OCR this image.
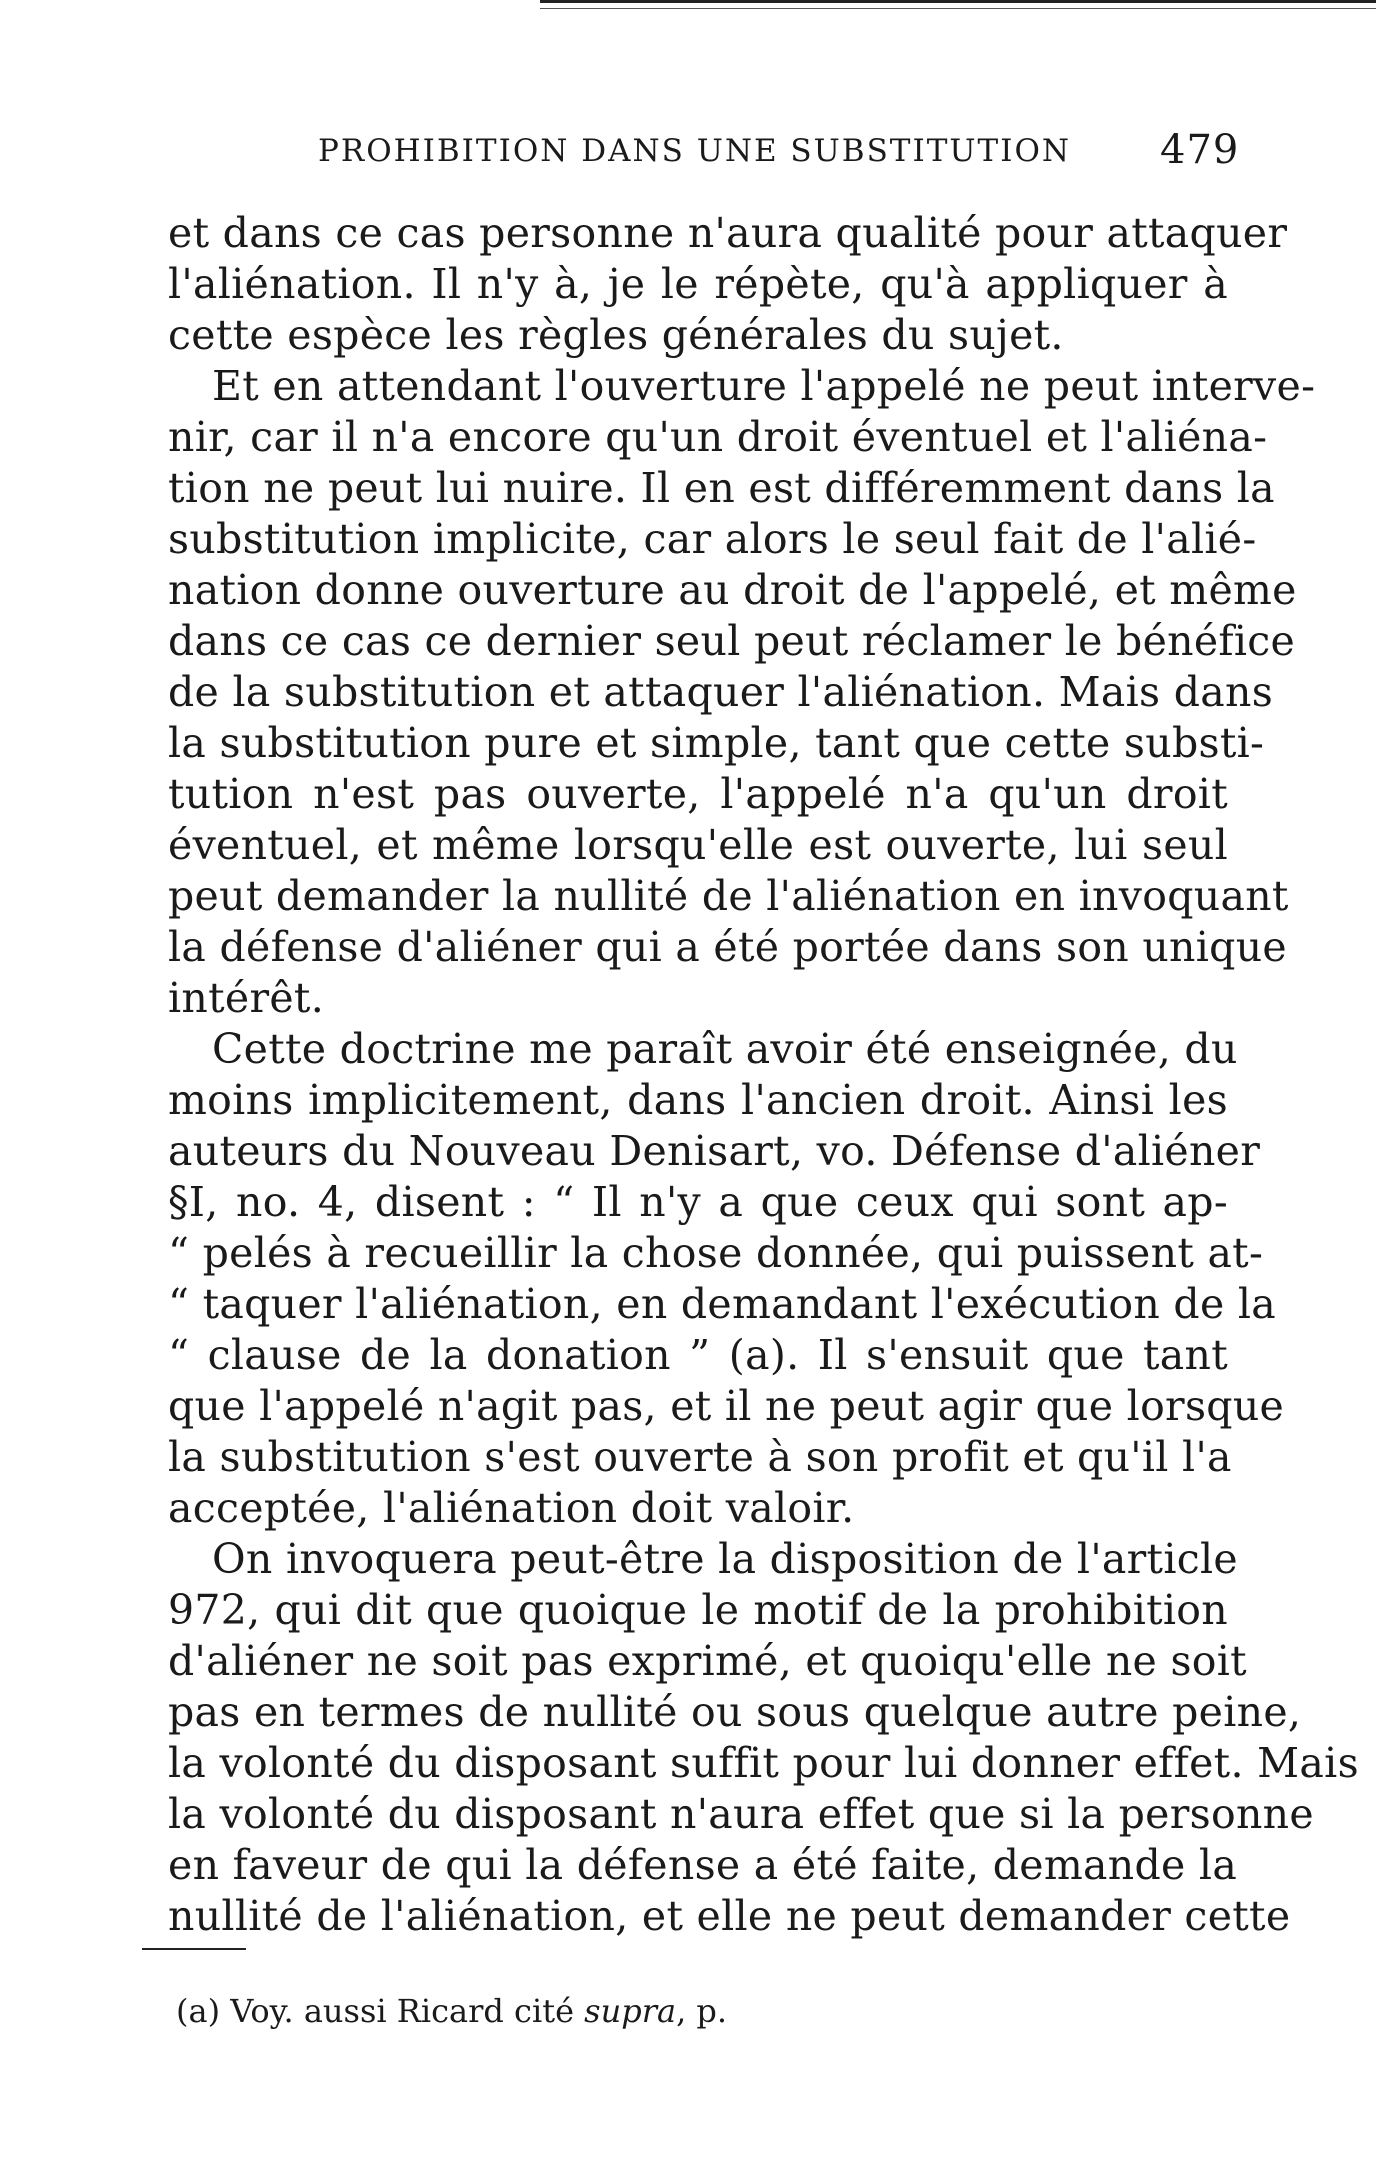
PROHIBITION DANS UNE SUBSTITUTION 479
et dans ce cas personne n'aura qualité pour attaquer
l'aliénation. Il n'y à, je le répète, qu'à appliquer à
cette espèce les règles générales du sujet.
Et en attendant l'ouverture l'appelé ne peut interve-
nir, car il n'a encore qu'un droit éventuel et l'aliéna-
tion ne peut lui nuire. Il en est différemment dans la
substitution implicite, car alors le seul fait de l'alié-
nation donne ouverture au droit de l'appelé, et même
dans ce cas ce dernier seul peut réclamer le bénéfice
de la substitution et attaquer l'aliénation. Mais dans
la substitution pure et simple, tant que cette substi-
tution n'est pas ouverte, l'appelé n'a qu'un droit
éventuel, et même lorsqu'elle est ouverte, lui seul
peut demander la nullité de l'aliénation en invoquant
la défense d'aliéner qui a été portée dans son unique
intérêt.
Cette doctrine me paraît avoir été enseignée, du
moins implicitement, dans l'ancien droit. Ainsi les
auteurs du Nouveau Denisart, vo. Défense d'aliéner
§I, no. 4, disent : “ Il n'y a que ceux qui sont ap-
“ pelés à recueillir la chose donnée, qui puissent at-
“ taquer l'aliénation, en demandant l'exécution de la
“ clause de la donation ” (a). Il s'ensuit que tant
que l'appelé n'agit pas, et il ne peut agir que lorsque
la substitution s'est ouverte à son profit et qu'il l'a
acceptée, l'aliénation doit valoir.
On invoquera peut-être la disposition de l'article
972, qui dit que quoique le motif de la prohibition
d'aliéner ne soit pas exprimé, et quoiqu'elle ne soit
pas en termes de nullité ou sous quelque autre peine,
la volonté du disposant suffit pour lui donner effet. Mais
la volonté du disposant n'aura effet que si la personne
en faveur de qui la défense a été faite, demande la
nullité de l'aliénation, et elle ne peut demander cette
(a) Voy. aussi Ricard cité supra, p.
